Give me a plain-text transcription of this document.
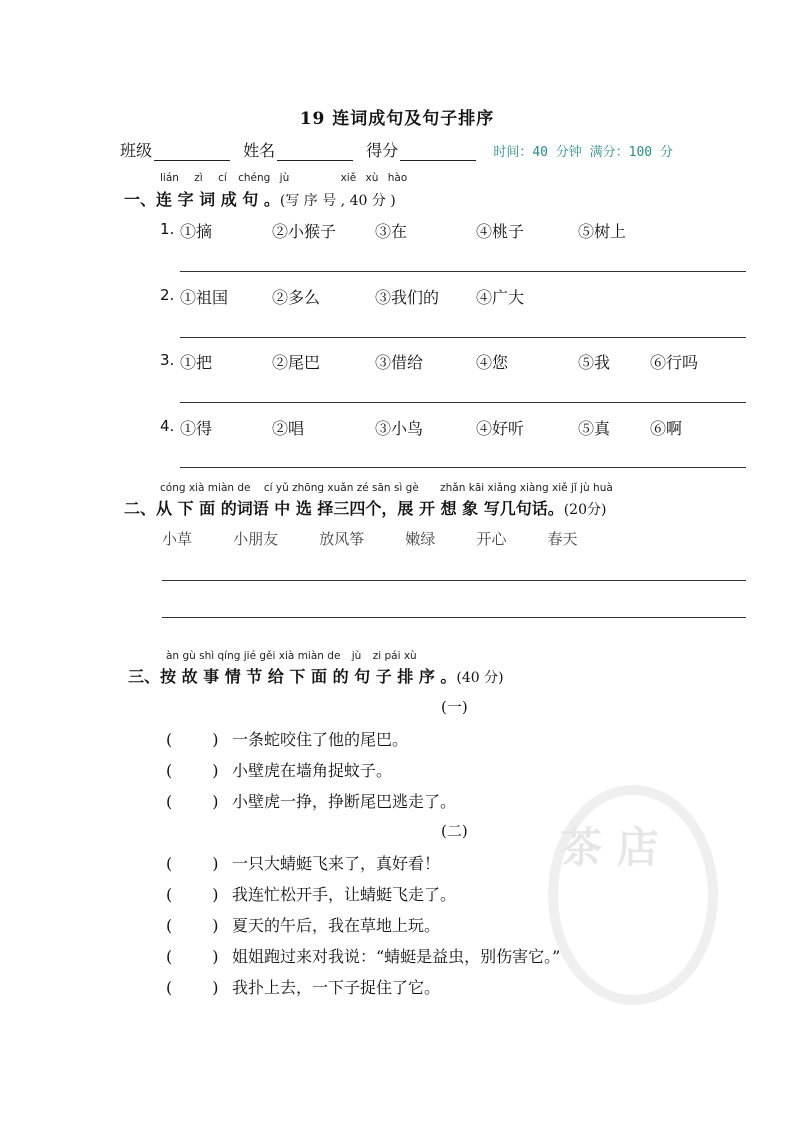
19 连词成句及句子排序
班级	姓名	得分	时间：40 分钟 满分：100 分
lián zì cí chéng jù	xiě xù hào
一、连 字 词 成 句 。(写 序 号 , 40 分 )
1. ①摘	②小猴子 ③在	④桃子	⑤树上
2. ①祖国	②多么	③我们的 ④广大
3. ①把	②尾巴	③借给	④您	⑤我 ⑥行吗
4. ①得	②唱	③小鸟	④好听	⑤真 ⑥啊
cóng xià miàn de cí yǔ zhōng xuǎn zé sān sì gè zhǎn kāi xiǎng xiàng xiě jǐ jù huà
二、从 下 面 的词语 中 选 择三四个，展 开 想 象 写几句话。(20分)
小草	小朋友	放风筝	嫩绿	开心	春天
àn gù shì qíng jié gěi xià miàn de jù zi pái xù
三、按 故 事 情 节 给 下 面 的 句 子 排 序 。(40 分)
(一)
(	) 一条蛇咬住了他的尾巴。
(	) 小壁虎在墙角捉蚊子。
(	) 小壁虎一挣，挣断尾巴逃走了。
(二)
(	) 一只大蜻蜓飞来了，真好看！
(	) 我连忙松开手，让蜻蜓飞走了。
(	) 夏天的午后，我在草地上玩。
(	) 姐姐跑过来对我说：“蜻蜓是益虫，别伤害它。”
(	) 我扑上去，一下子捉住了它。
茶 店
